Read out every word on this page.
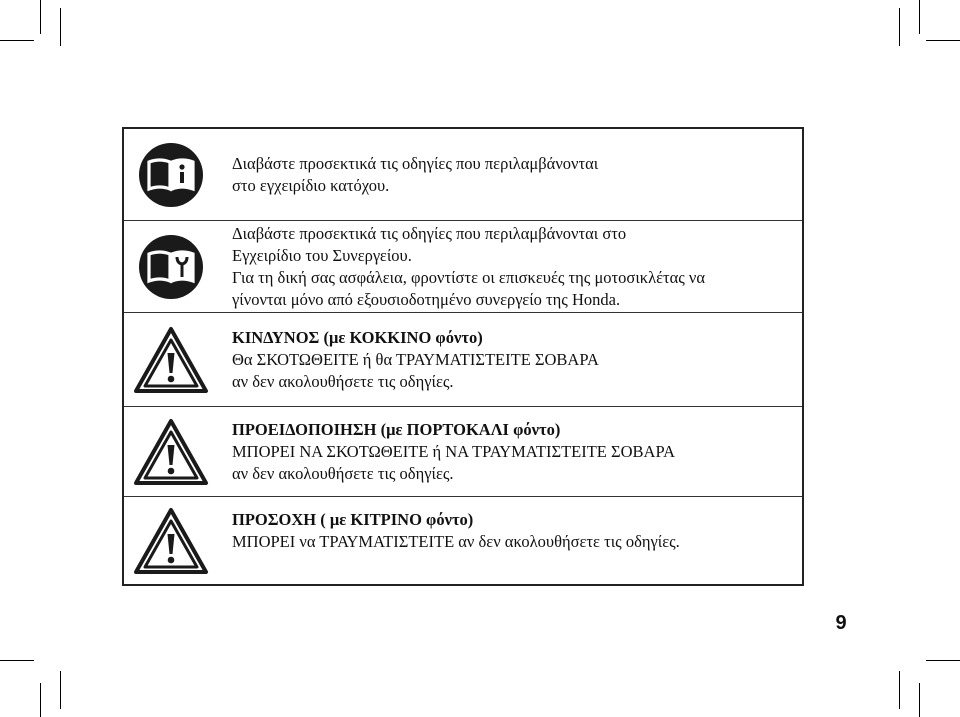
Διαβάστε προσεκτικά τις οδηγίες που περιλαμβάνονται
στο εγχειρίδιο κατόχου.
Διαβάστε προσεκτικά τις οδηγίες που περιλαμβάνονται στο
Εγχειρίδιο του Συνεργείου.
Για τη δική σας ασφάλεια, φροντίστε οι επισκευές της μοτοσικλέτας να
γίνονται μόνο από εξουσιοδοτημένο συνεργείο της Honda.
ΚΙΝΔΥΝΟΣ (με ΚΟΚΚΙΝΟ φόντο)
Θα ΣΚΟΤΩΘΕΙΤΕ ή θα ΤΡΑΥΜΑΤΙΣΤΕΙΤΕ ΣΟΒΑΡΑ
αν δεν ακολουθήσετε τις οδηγίες.
ΠΡΟΕΙΔΟΠΟΙΗΣΗ (με ΠΟΡΤΟΚΑΛΙ φόντο)
ΜΠΟΡΕΙ ΝΑ ΣΚΟΤΩΘΕΙΤΕ ή ΝΑ ΤΡΑΥΜΑΤΙΣΤΕΙΤΕ ΣΟΒΑΡΑ
αν δεν ακολουθήσετε τις οδηγίες.
ΠΡΟΣΟΧΗ ( με ΚΙΤΡΙΝΟ φόντο)
ΜΠΟΡΕΙ να ΤΡΑΥΜΑΤΙΣΤΕΙΤΕ αν δεν ακολουθήσετε τις οδηγίες.
9
